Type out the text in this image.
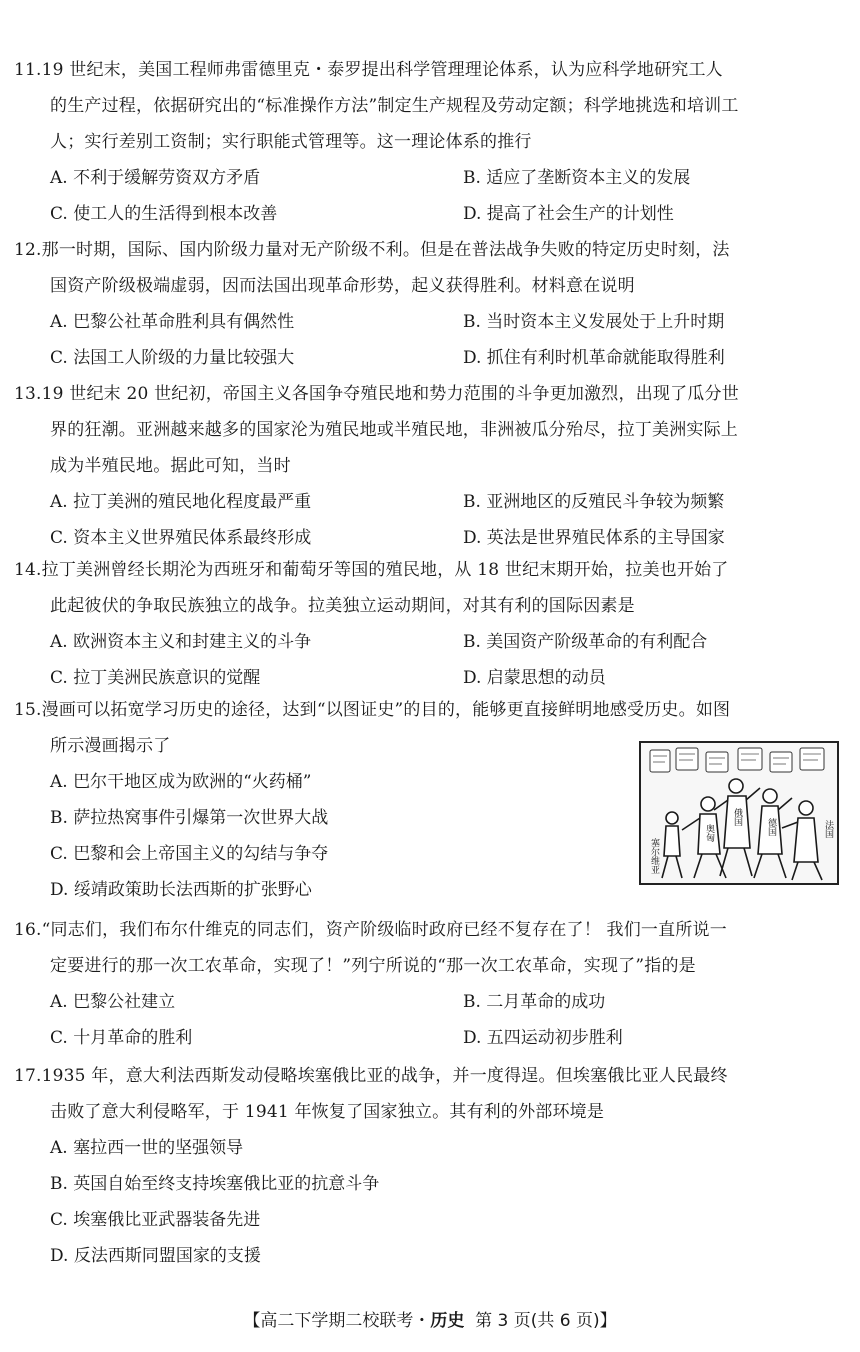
11.19 世纪末，美国工程师弗雷德里克・泰罗提出科学管理理论体系，认为应科学地研究工人
的生产过程，依据研究出的“标准操作方法”制定生产规程及劳动定额；科学地挑选和培训工
人；实行差别工资制；实行职能式管理等。这一理论体系的推行
A. 不利于缓解劳资双方矛盾	B. 适应了垄断资本主义的发展
C. 使工人的生活得到根本改善	D. 提高了社会生产的计划性
12.那一时期，国际、国内阶级力量对无产阶级不利。但是在普法战争失败的特定历史时刻，法
国资产阶级极端虚弱，因而法国出现革命形势，起义获得胜利。材料意在说明
A. 巴黎公社革命胜利具有偶然性	B. 当时资本主义发展处于上升时期
C. 法国工人阶级的力量比较强大	D. 抓住有利时机革命就能取得胜利
13.19 世纪末 20 世纪初，帝国主义各国争夺殖民地和势力范围的斗争更加激烈，出现了瓜分世
界的狂潮。亚洲越来越多的国家沦为殖民地或半殖民地，非洲被瓜分殆尽，拉丁美洲实际上
成为半殖民地。据此可知，当时
A. 拉丁美洲的殖民地化程度最严重	B. 亚洲地区的反殖民斗争较为频繁
C. 资本主义世界殖民体系最终形成	D. 英法是世界殖民体系的主导国家
14.拉丁美洲曾经长期沦为西班牙和葡萄牙等国的殖民地，从 18 世纪末期开始，拉美也开始了
此起彼伏的争取民族独立的战争。拉美独立运动期间，对其有利的国际因素是
A. 欧洲资本主义和封建主义的斗争	B. 美国资产阶级革命的有利配合
C. 拉丁美洲民族意识的觉醒	D. 启蒙思想的动员
15.漫画可以拓宽学习历史的途径，达到“以图证史”的目的，能够更直接鲜明地感受历史。如图
所示漫画揭示了
A. 巴尔干地区成为欧洲的“火药桶”
B. 萨拉热窝事件引爆第一次世界大战
C. 巴黎和会上帝国主义的勾结与争夺
D. 绥靖政策助长法西斯的扩张野心
塞尔维亚
奥匈
俄国
德国	法国
16.“同志们，我们布尔什维克的同志们，资产阶级临时政府已经不复存在了！ 我们一直所说一
定要进行的那一次工农革命，实现了！”列宁所说的“那一次工农革命，实现了”指的是
A. 巴黎公社建立	B. 二月革命的成功
C. 十月革命的胜利	D. 五四运动初步胜利
17.1935 年，意大利法西斯发动侵略埃塞俄比亚的战争，并一度得逞。但埃塞俄比亚人民最终
击败了意大利侵略军，于 1941 年恢复了国家独立。其有利的外部环境是
A. 塞拉西一世的坚强领导
B. 英国自始至终支持埃塞俄比亚的抗意斗争
C. 埃塞俄比亚武器装备先进
D. 反法西斯同盟国家的支援
【高二下学期二校联考・历史 第 3 页(共 6 页)】
